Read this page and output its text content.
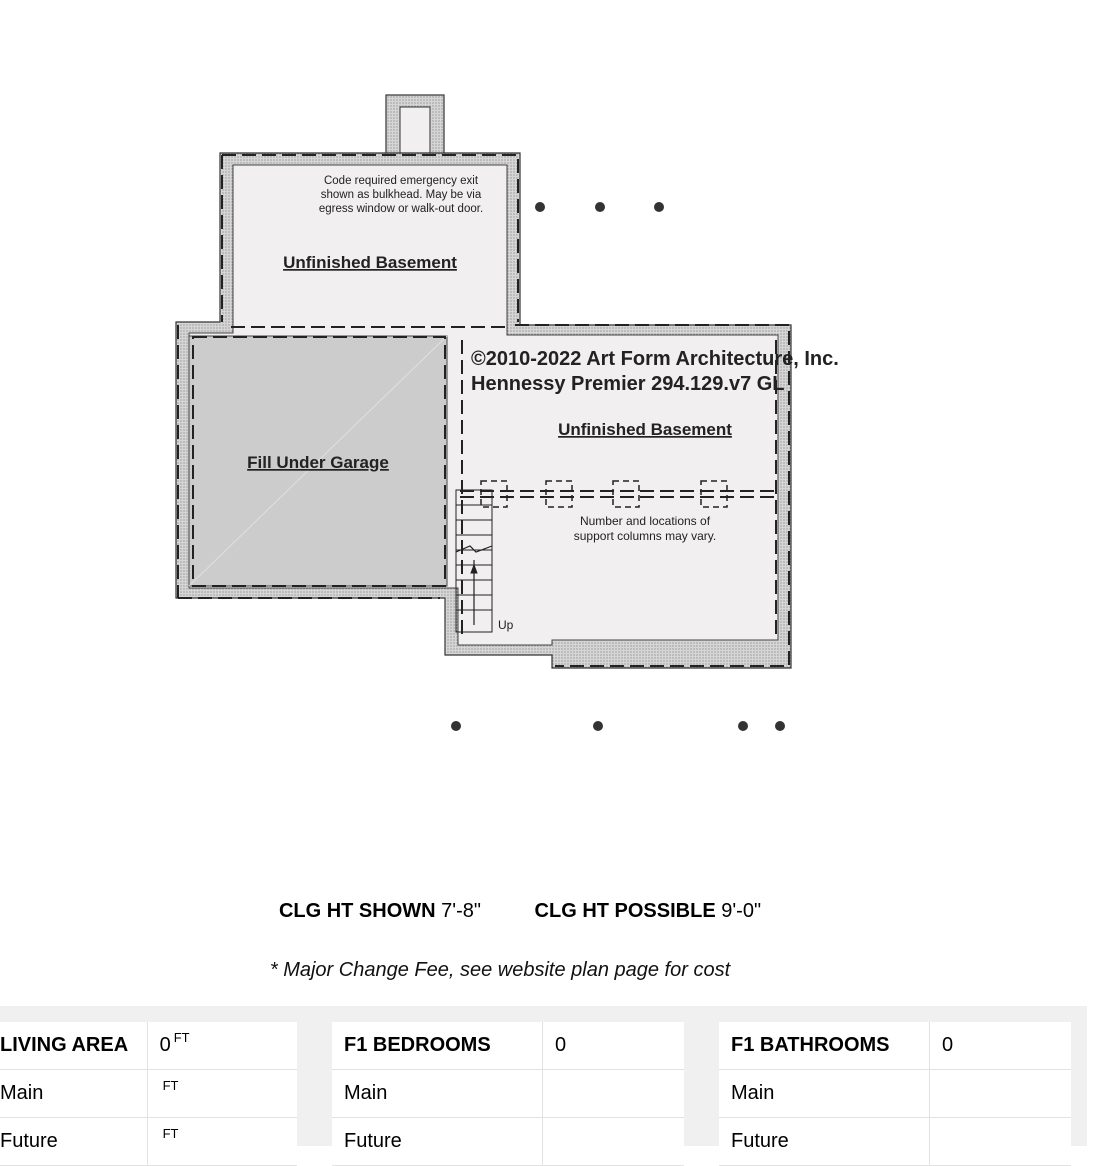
Code required emergency exit
shown as bulkhead. May be via
egress window or walk-out door.
Unfinished Basement
Fill Under Garage
Unfinished Basement
©2010-2022 Art Form Architecture, Inc.
Hennessy Premier 294.129.v7 GL
Number and locations of
support columns may vary.
Up
CLG HT SHOWN 7'-8"	CLG HT POSSIBLE 9'-0"
* Major Change Fee, see website plan page for cost
LIVING AREA	0 $^{FT}$
Main	$^{FT}$
Future	$^{FT}$
F1 BEDROOMS	0
Main	
Future	
F1 BATHROOMS	0
Main	
Future	
